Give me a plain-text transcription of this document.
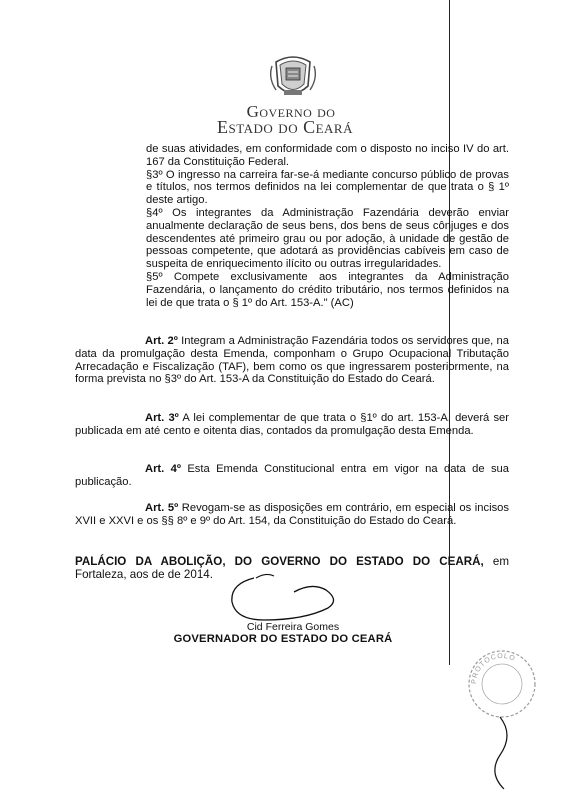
Governo do
Estado do Ceará

de suas atividades, em conformidade com o disposto no inciso IV do art. 167 da Constituição Federal.

§3º O ingresso na carreira far-se-á mediante concurso público de provas e títulos, nos termos definidos na lei complementar de que trata o § 1º deste artigo.

§4º Os integrantes da Administração Fazendária deverão enviar anualmente declaração de seus bens, dos bens de seus cônjuges e dos descendentes até primeiro grau ou por adoção, à unidade de gestão de pessoas competente, que adotará as providências cabíveis em caso de suspeita de enriquecimento ilícito ou outras irregularidades.

§5º Compete exclusivamente aos integrantes da Administração Fazendária, o lançamento do crédito tributário, nos termos definidos na lei de que trata o § 1º do Art. 153-A." (AC)

Art. 2º Integram a Administração Fazendária todos os servidores que, na data da promulgação desta Emenda, componham o Grupo Ocupacional Tributação Arrecadação e Fiscalização (TAF), bem como os que ingressarem posteriormente, na forma prevista no §3º do Art. 153-A da Constituição do Estado do Ceará.

Art. 3º A lei complementar de que trata o §1º do art. 153-A, deverá ser publicada em até cento e oitenta dias, contados da promulgação desta Emenda.

Art. 4º Esta Emenda Constitucional entra em vigor na data de sua publicação.

Art. 5º Revogam-se as disposições em contrário, em especial os incisos XVII e XXVI e os §§ 8º e 9º do Art. 154, da Constituição do Estado do Ceará.

PALÁCIO DA ABOLIÇÃO, DO GOVERNO DO ESTADO DO CEARÁ, em Fortaleza, aos de de 2014.

Cid Ferreira Gomes
GOVERNADOR DO ESTADO DO CEARÁ
PROTOCOLO
